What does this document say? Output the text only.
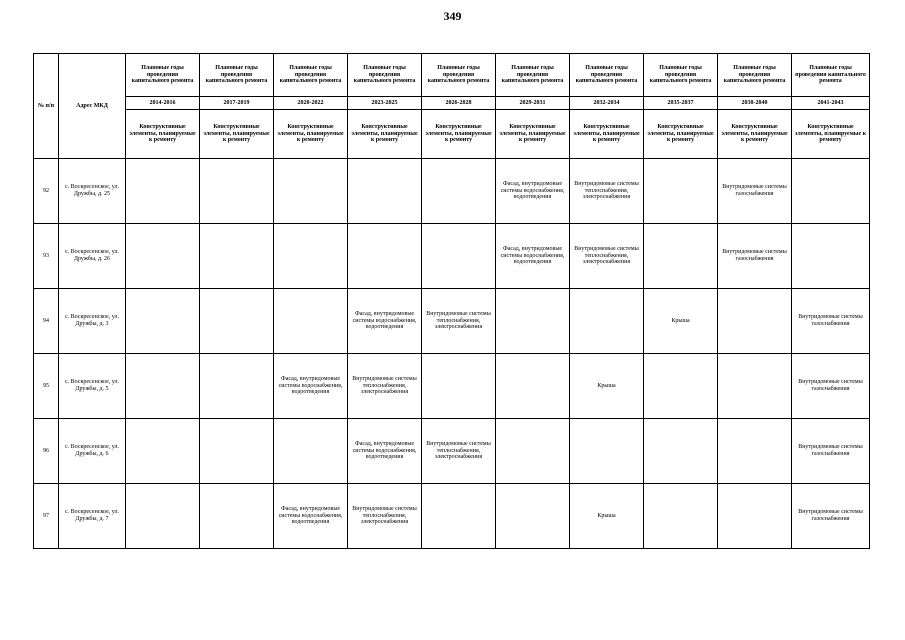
349
№ п/п	Адрес МКД	Плановые годы проведения капитального ремонта	Плановые годы проведения капитального ремонта	Плановые годы проведения капитального ремонта	Плановые годы проведения капитального ремонта	Плановые годы проведения капитального ремонта	Плановые годы проведения капитального ремонта	Плановые годы проведения капитального ремонта	Плановые годы проведения капитального ремонта	Плановые годы проведения капитального ремонта	Плановые годы проведения капитального ремонта
		2014-2016	2017-2019	2020-2022	2023-2025	2026-2028	2029-2031	2032-2034	2035-2037	2038-2040	2041-2043
		Конструктивные элементы, планируемые к ремонту	Конструктивные элементы, планируемые к ремонту	Конструктивные элементы, планируемые к ремонту	Конструктивные элементы, планируемые к ремонту	Конструктивные элементы, планируемые к ремонту	Конструктивные элементы, планируемые к ремонту	Конструктивные элементы, планируемые к ремонту	Конструктивные элементы, планируемые к ремонту	Конструктивные элементы, планируемые к ремонту	Конструктивные элементы, планируемые к ремонту
92	с. Воскресенское, ул. Дружбы, д. 25						Фасад, внутридомовые системы водоснабжения, водоотведения	Внутридомовые системы теплоснабжения, электроснабжения		Внутридомовые системы газоснабжения	
93	с. Воскресенское, ул. Дружбы, д. 26						Фасад, внутридомовые системы водоснабжения, водоотведения	Внутридомовые системы теплоснабжения, электроснабжения		Внутридомовые системы газоснабжения	
94	с. Воскресенское, ул. Дружбы, д. 3				Фасад, внутридомовые системы водоснабжения, водоотведения	Внутридомовые системы теплоснабжения, электроснабжения			Крыша		Внутридомовые системы газоснабжения
95	с. Воскресенское, ул. Дружбы, д. 5			Фасад, внутридомовые системы водоснабжения, водоотведения	Внутридомовые системы теплоснабжения, электроснабжения			Крыша			Внутридомовые системы газоснабжения
96	с. Воскресенское, ул. Дружбы, д. 6				Фасад, внутридомовые системы водоснабжения, водоотведения	Внутридомовые системы теплоснабжения, электроснабжения					Внутридомовые системы газоснабжения
97	с. Воскресенское, ул. Дружбы, д. 7			Фасад, внутридомовые системы водоснабжения, водоотведения	Внутридомовые системы теплоснабжения, электроснабжения			Крыша			Внутридомовые системы газоснабжения
